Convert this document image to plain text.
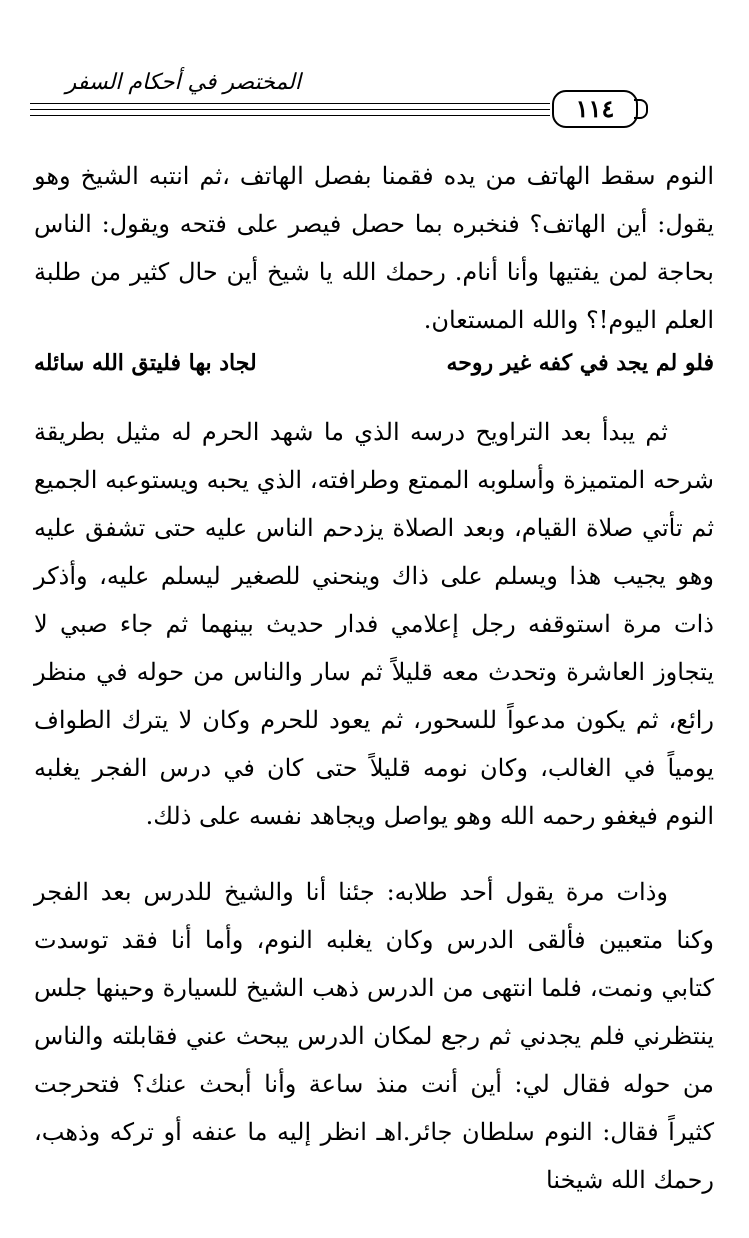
المختصر في أحكام السفر
١١٤

النوم سقط الهاتف من يده فقمنا بفصل الهاتف ،ثم انتبه الشيخ وهو يقول: أين الهاتف؟ فنخبره بما حصل فيصر على فتحه ويقول: الناس بحاجة لمن يفتيها وأنا أنام. رحمك الله يا شيخ أين حال كثير من طلبة العلم اليوم!؟ والله المستعان.

فلو لم يجد في كفه غير روحه
لجاد بها فليتق الله سائله

ثم يبدأ بعد التراويح درسه الذي ما شهد الحرم له مثيل بطريقة شرحه المتميزة وأسلوبه الممتع وطرافته، الذي يحبه ويستوعبه الجميع ثم تأتي صلاة القيام، وبعد الصلاة يزدحم الناس عليه حتى تشفق عليه وهو يجيب هذا ويسلم على ذاك وينحني للصغير ليسلم عليه، وأذكر ذات مرة استوقفه رجل إعلامي فدار حديث بينهما ثم جاء صبي لا يتجاوز العاشرة وتحدث معه قليلاً ثم سار والناس من حوله في منظر رائع، ثم يكون مدعواً للسحور، ثم يعود للحرم وكان لا يترك الطواف يومياً في الغالب، وكان نومه قليلاً حتى كان في درس الفجر يغلبه النوم فيغفو رحمه الله وهو يواصل ويجاهد نفسه على ذلك.

وذات مرة يقول أحد طلابه: جئنا أنا والشيخ للدرس بعد الفجر وكنا متعبين فألقى الدرس وكان يغلبه النوم، وأما أنا فقد توسدت كتابي ونمت، فلما انتهى من الدرس ذهب الشيخ للسيارة وحينها جلس ينتظرني فلم يجدني ثم رجع لمكان الدرس يبحث عني فقابلته والناس من حوله فقال لي: أين أنت منذ ساعة وأنا أبحث عنك؟ فتحرجت كثيراً فقال: النوم سلطان جائر.اهـ انظر إليه ما عنفه أو تركه وذهب، رحمك الله شيخنا
